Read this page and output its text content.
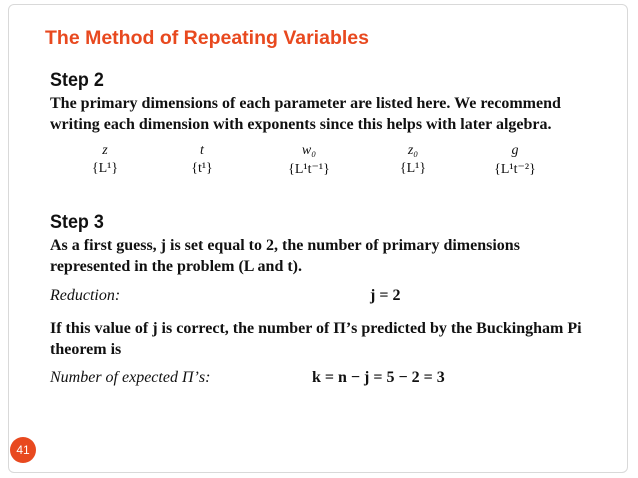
The Method of Repeating Variables
Step 2
The primary dimensions of each parameter are listed here. We recommend writing each dimension with exponents since this helps with later algebra.
z
{L¹}
t
{t¹}
w₀
{L¹t⁻¹}
z₀
{L¹}
g
{L¹t⁻²}
Step 3
As a first guess, j is set equal to 2, the number of primary dimensions represented in the problem (L and t).
Reduction:	j = 2
If this value of j is correct, the number of Π’s predicted by the Buckingham Pi theorem is
Number of expected Π’s:	k = n − j = 5 − 2 = 3
41
